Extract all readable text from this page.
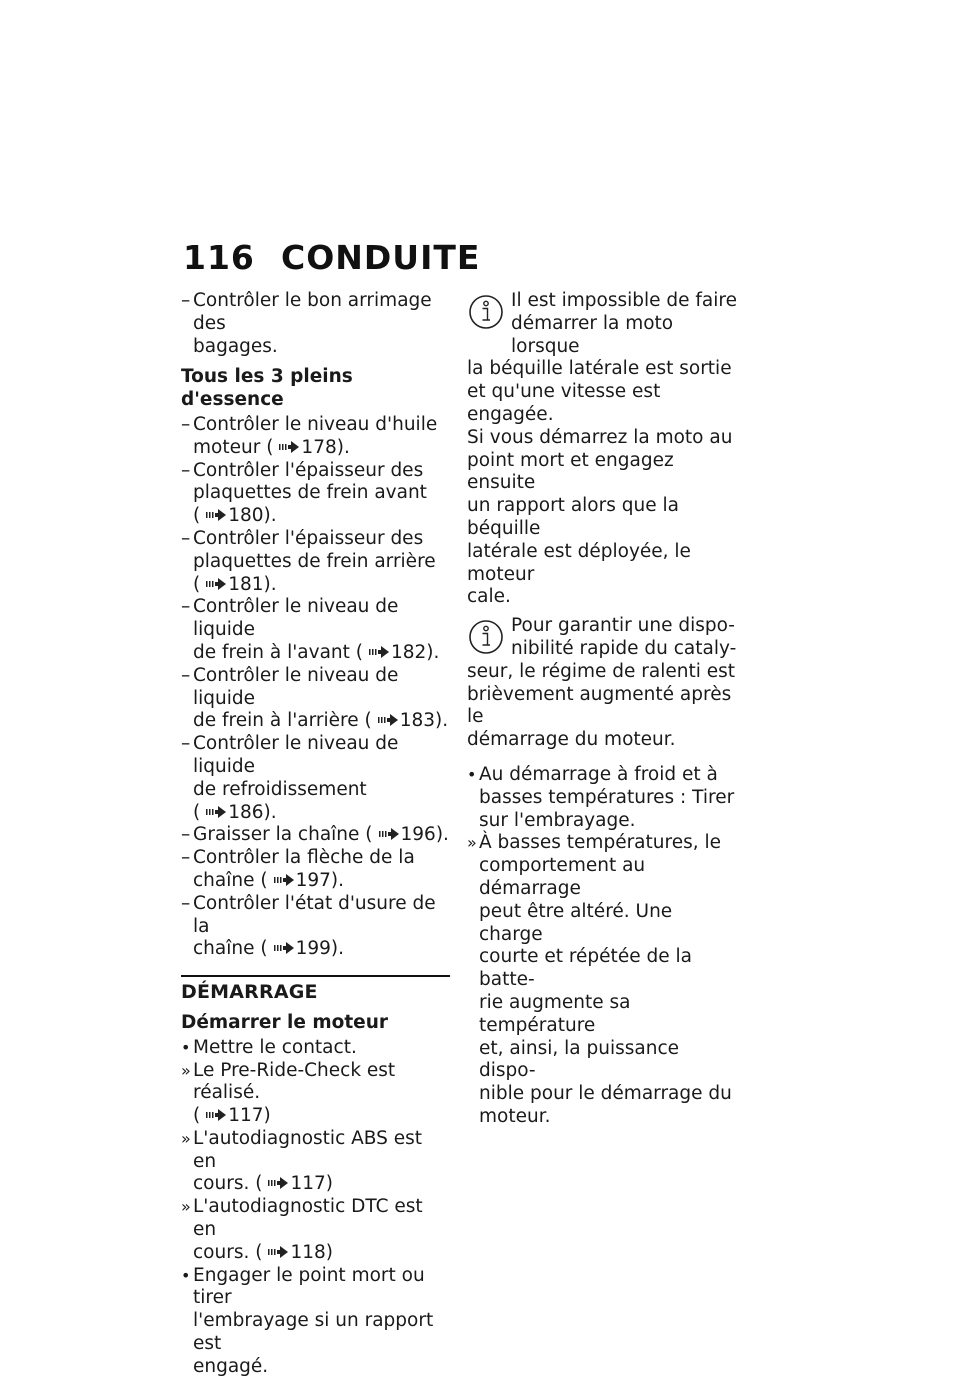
116 CONDUITE
– Contrôler le bon arrimage des
bagages.
Tous les 3 pleins d'essence
– Contrôler le niveau d'huile
moteur ( 178).
– Contrôler l'épaisseur des
plaquettes de frein avant
( 180).
– Contrôler l'épaisseur des
plaquettes de frein arrière
( 181).
– Contrôler le niveau de liquide
de frein à l'avant ( 182).
– Contrôler le niveau de liquide
de frein à l'arrière ( 183).
– Contrôler le niveau de liquide
de refroidissement ( 186).
– Graisser la chaîne ( 196).
– Contrôler la flèche de la
chaîne ( 197).
– Contrôler l'état d'usure de la
chaîne ( 199).
DÉMARRAGE
Démarrer le moteur
• Mettre le contact.
» Le Pre-Ride-Check est réalisé.
( 117)
» L'autodiagnostic ABS est en
cours. ( 117)
» L'autodiagnostic DTC est en
cours. ( 118)
• Engager le point mort ou tirer
l'embrayage si un rapport est
engagé.
Il est impossible de faire
démarrer la moto lorsque
la béquille latérale est sortie
et qu'une vitesse est engagée.
Si vous démarrez la moto au
point mort et engagez ensuite
un rapport alors que la béquille
latérale est déployée, le moteur
cale.
Pour garantir une dispo-
nibilité rapide du cataly-
seur, le régime de ralenti est
brièvement augmenté après le
démarrage du moteur.
• Au démarrage à froid et à
basses températures : Tirer
sur l'embrayage.
» À basses températures, le
comportement au démarrage
peut être altéré. Une charge
courte et répétée de la batte-
rie augmente sa température
et, ainsi, la puissance dispo-
nible pour le démarrage du
moteur.
